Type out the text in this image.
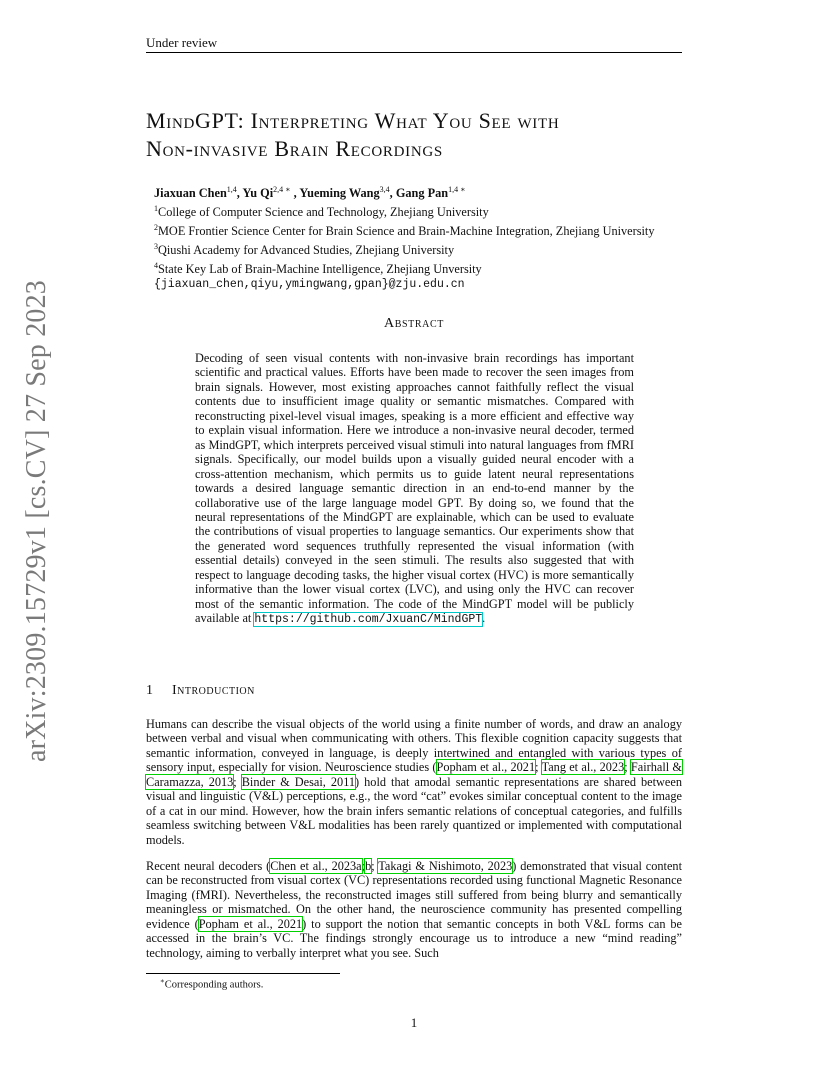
Under review
arXiv:2309.15729v1 [cs.CV] 27 Sep 2023
MindGPT: Interpreting What You See with
Non-invasive Brain Recordings
Jiaxuan Chen$^{1,4}$, Yu $Qi^{2,4 ∗}$ , Yueming Wang$^{3,4}$, Gang Pan$^{1,4 ∗}$
$^1$College of Computer Science and Technology, Zhejiang University
$^2$MOE Frontier Science Center for Brain Science and Brain-Machine Integration, Zhejiang University
$^3$Qiushi Academy for Advanced Studies, Zhejiang University
$^4$State Key Lab of Brain-Machine Intelligence, Zhejiang Unversity
{jiaxuan_chen,qiyu,ymingwang,gpan}@zju.edu.cn
Abstract
Decoding of seen visual contents with non-invasive brain recordings has important scientific and practical values. Efforts have been made to recover the seen images from brain signals. However, most existing approaches cannot faithfully reflect the visual contents due to insufficient image quality or semantic mismatches. Compared with reconstructing pixel-level visual images, speaking is a more efficient and effective way to explain visual information. Here we introduce a non-invasive neural decoder, termed as MindGPT, which interprets perceived visual stimuli into natural languages from fMRI signals. Specifically, our model builds upon a visually guided neural encoder with a cross-attention mechanism, which permits us to guide latent neural representations towards a desired language semantic direction in an end-to-end manner by the collaborative use of the large language model GPT. By doing so, we found that the neural representations of the MindGPT are explainable, which can be used to evaluate the contributions of visual properties to language semantics. Our experiments show that the generated word sequences truthfully represented the visual information (with essential details) conveyed in the seen stimuli. The results also suggested that with respect to language decoding tasks, the higher visual cortex (HVC) is more semantically informative than the lower visual cortex (LVC), and using only the HVC can recover most of the semantic information. The code of the MindGPT model will be publicly available at https://github.com/JxuanC/MindGPT.
1 Introduction
Humans can describe the visual objects of the world using a finite number of words, and draw an analogy between verbal and visual when communicating with others. This flexible cognition capacity suggests that semantic information, conveyed in language, is deeply intertwined and entangled with various types of sensory input, especially for vision. Neuroscience studies (Popham et al., 2021; Tang et al., 2023; Fairhall & Caramazza, 2013; Binder & Desai, 2011) hold that amodal semantic representations are shared between visual and linguistic (V&L) perceptions, e.g., the word “cat” evokes similar conceptual content to the image of a cat in our mind. However, how the brain infers semantic relations of conceptual categories, and fulfills seamless switching between V&L modalities has been rarely quantized or implemented with computational models.
Recent neural decoders (Chen et al., 2023a;b; Takagi & Nishimoto, 2023) demonstrated that visual content can be reconstructed from visual cortex (VC) representations recorded using functional Magnetic Resonance Imaging (fMRI). Nevertheless, the reconstructed images still suffered from being blurry and semantically meaningless or mismatched. On the other hand, the neuroscience community has presented compelling evidence (Popham et al., 2021) to support the notion that semantic concepts in both V&L forms can be accessed in the brain’s VC. The findings strongly encourage us to introduce a new “mind reading” technology, aiming to verbally interpret what you see. Such
∗Corresponding authors.
1
